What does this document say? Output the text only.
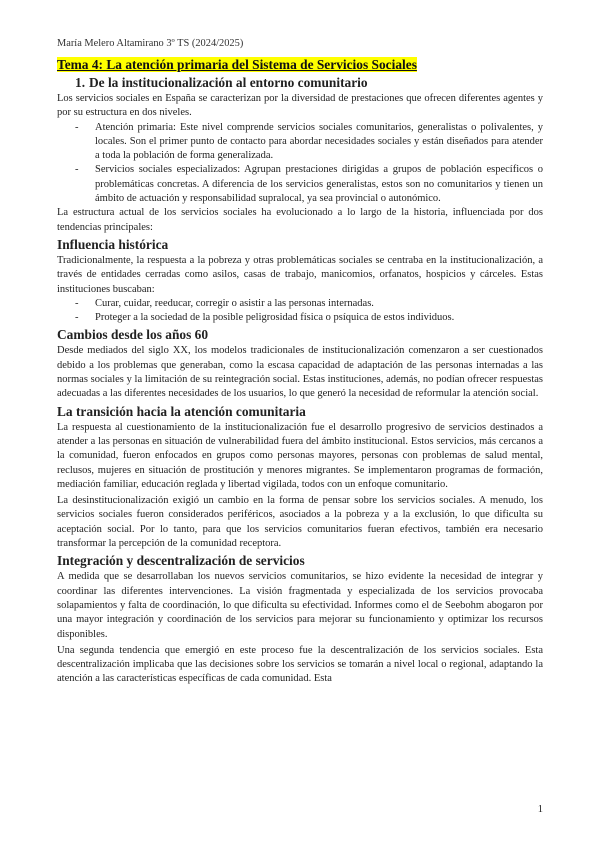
María Melero Altamirano 3º TS (2024/2025)
Tema 4: La atención primaria del Sistema de Servicios Sociales
1. De la institucionalización al entorno comunitario

Los servicios sociales en España se caracterizan por la diversidad de prestaciones que ofrecen diferentes agentes y por su estructura en dos niveles.

- Atención primaria: Este nivel comprende servicios sociales comunitarios, generalistas o polivalentes, y locales. Son el primer punto de contacto para abordar necesidades sociales y están diseñados para atender a toda la población de forma generalizada.
- Servicios sociales especializados: Agrupan prestaciones dirigidas a grupos de población específicos o problemáticas concretas. A diferencia de los servicios generalistas, estos son no comunitarios y tienen un ámbito de actuación y responsabilidad supralocal, ya sea provincial o autonómico.

La estructura actual de los servicios sociales ha evolucionado a lo largo de la historia, influenciada por dos tendencias principales:

Influencia histórica

Tradicionalmente, la respuesta a la pobreza y otras problemáticas sociales se centraba en la institucionalización, a través de entidades cerradas como asilos, casas de trabajo, manicomios, orfanatos, hospicios y cárceles. Estas instituciones buscaban:

- Curar, cuidar, reeducar, corregir o asistir a las personas internadas.
- Proteger a la sociedad de la posible peligrosidad física o psíquica de estos individuos.
Cambios desde los años 60

Desde mediados del siglo XX, los modelos tradicionales de institucionalización comenzaron a ser cuestionados debido a los problemas que generaban, como la escasa capacidad de adaptación de las personas internadas a las normas sociales y la limitación de su reintegración social. Estas instituciones, además, no podían ofrecer respuestas adecuadas a las diferentes necesidades de los usuarios, lo que generó la necesidad de reformular la atención social.

La transición hacia la atención comunitaria

La respuesta al cuestionamiento de la institucionalización fue el desarrollo progresivo de servicios destinados a atender a las personas en situación de vulnerabilidad fuera del ámbito institucional. Estos servicios, más cercanos a la comunidad, fueron enfocados en grupos como personas mayores, personas con problemas de salud mental, reclusos, mujeres en situación de prostitución y menores migrantes. Se implementaron programas de formación, mediación familiar, educación reglada y libertad vigilada, todos con un enfoque comunitario.

La desinstitucionalización exigió un cambio en la forma de pensar sobre los servicios sociales. A menudo, los servicios sociales fueron considerados periféricos, asociados a la pobreza y a la exclusión, lo que dificulta su aceptación social. Por lo tanto, para que los servicios comunitarios fueran efectivos, también era necesario transformar la percepción de la comunidad receptora.

Integración y descentralización de servicios

A medida que se desarrollaban los nuevos servicios comunitarios, se hizo evidente la necesidad de integrar y coordinar las diferentes intervenciones. La visión fragmentada y especializada de los servicios provocaba solapamientos y falta de coordinación, lo que dificulta su efectividad. Informes como el de Seebohm abogaron por una mayor integración y coordinación de los servicios para mejorar su funcionamiento y optimizar los recursos disponibles.

Una segunda tendencia que emergió en este proceso fue la descentralización de los servicios sociales. Esta descentralización implicaba que las decisiones sobre los servicios se tomarán a nivel local o regional, adaptando la atención a las características específicas de cada comunidad. Esta

1
